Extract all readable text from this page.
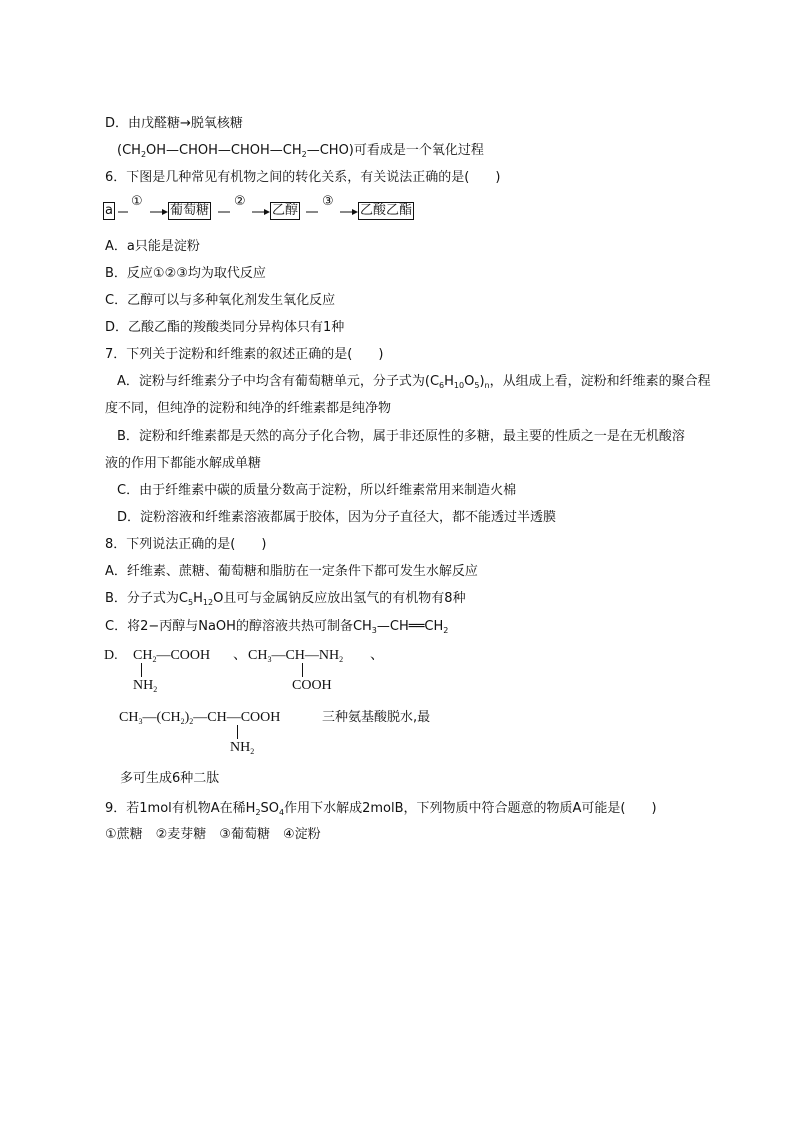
D．由戊醛糖→脱氧核糖
$(CH_2OH—CHOH—CHOH—CH_2—CHO)$可看成是一个氧化过程
6．下图是几种常见有机物之间的转化关系，有关说法正确的是(　　)
a
①
葡萄糖
②
乙醇
③
乙酸乙酯
A．a只能是淀粉
B．反应①②③均为取代反应
C．乙醇可以与多种氧化剂发生氧化反应
D．乙酸乙酯的羧酸类同分异构体只有1种
7．下列关于淀粉和纤维素的叙述正确的是(　　)
A．淀粉与纤维素分子中均含有葡萄糖单元，分子式为$(C_6H_{10}O_5)_n$，从组成上看，淀粉和纤维素的聚合程
度不同，但纯净的淀粉和纯净的纤维素都是纯净物
B．淀粉和纤维素都是天然的高分子化合物，属于非还原性的多糖，最主要的性质之一是在无机酸溶
液的作用下都能水解成单糖
C．由于纤维素中碳的质量分数高于淀粉，所以纤维素常用来制造火棉
D．淀粉溶液和纤维素溶液都属于胶体，因为分子直径大，都不能透过半透膜
8．下列说法正确的是(　　)
A．纤维素、蔗糖、葡萄糖和脂肪在一定条件下都可发生水解反应
B．分子式为$C_5H_{12}O$且可与金属钠反应放出氢气的有机物有8种
C．将2−丙醇与NaOH的醇溶液共热可制备$CH_3—CH══CH_2$
D. $CH_2—COOH$ 、
$NH_2$
$CH_3—CH—NH_2$ 、
COOH
$CH_3—(CH_2)_2—CH—COOH$	三种氨基酸脱水,最
$NH_2$
多可生成6种二肽
9．若1mol有机物A在稀$H_2SO_4$作用下水解成2molB，下列物质中符合题意的物质A可能是(　　)
①蔗糖　②麦芽糖　③葡萄糖　④淀粉
